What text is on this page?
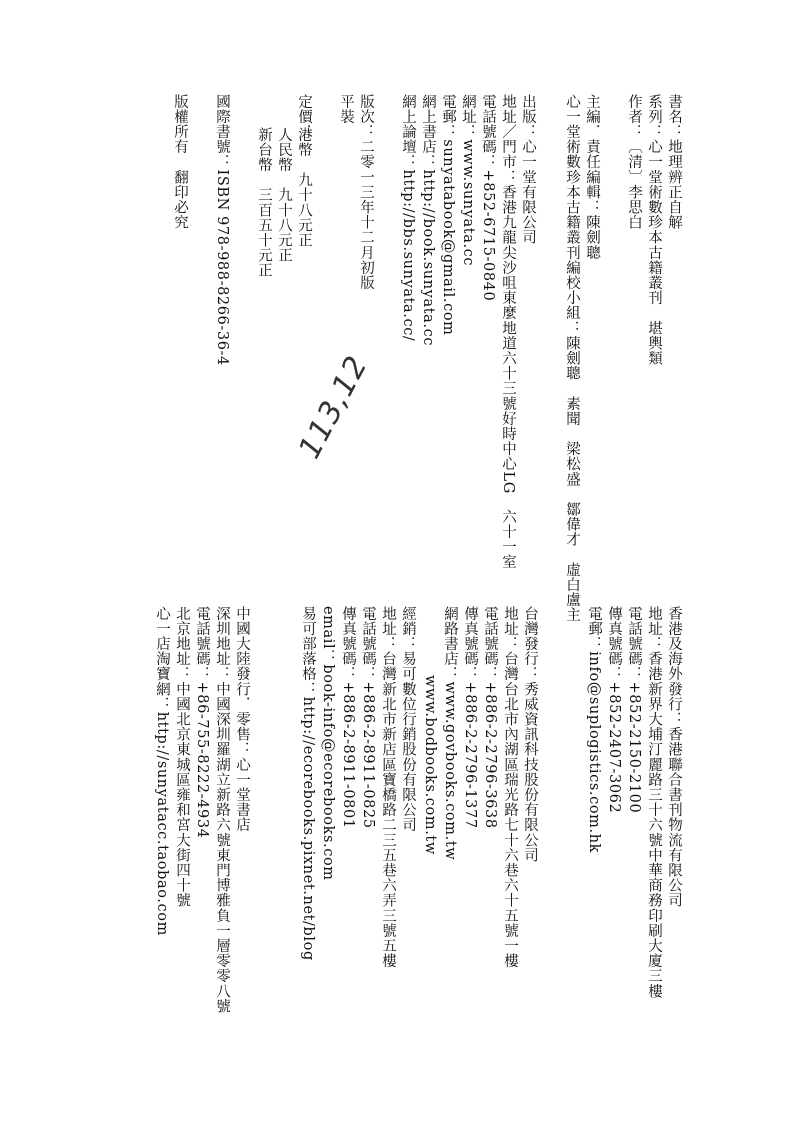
書名：地理辨正自解
系列：心一堂術數珍本古籍叢刊　堪輿類
作者：〔清〕李思白
主編．責任編輯：陳劍聰
心一堂術數珍本古籍叢刊編校小組：陳劍聰　素聞　梁松盛　鄒偉才　虛白盧主
出版：心一堂有限公司
地址／門市：香港九龍尖沙咀東麼地道六十三號好時中心LG　六十一室
電話號碼：+852-6715-0840
網址：www.sunyata.cc
電郵：sunyatabook@gmail.com
網上書店：http://book.sunyata.cc
網上論壇：http://bbs.sunyata.cc/
版次：二零一三年十二月初版
平裝
定價：
港幣　九十八元正
人民幣　九十八元正
新台幣　三百五十元正
國際書號：ISBN 978-988-8266-36-4
版權所有　翻印必究
113,12
香港及海外發行：香港聯合書刊物流有限公司
地址：香港新界大埔汀麗路三十六號中華商務印刷大廈三樓
電話號碼：+852-2150-2100
傳真號碼：+852-2407-3062
電郵：info@suplogistics.com.hk
台灣發行：秀威資訊科技股份有限公司
地址：台灣台北市內湖區瑞光路七十六巷六十五號一樓
電話號碼：+886-2-2796-3638
傳真號碼：+886-2-2796-1377
網路書店：www.govbooks.com.tw
www.bodbooks.com.tw
經銷：易可數位行銷股份有限公司
地址：台灣新北市新店區寶橋路二三五巷六弄三號五樓
電話號碼：+886-2-8911-0825
傳真號碼：+886-2-8911-0801
email：book-info@ecorebooks.com
易可部落格：http://ecorebooks.pixnet.net/blog
中國大陸發行．零售：心一堂書店
深圳地址：中國深圳羅湖立新路六號東門博雅負一層零零八號
電話號碼：+86-755-8222-4934
北京地址：中國北京東城區雍和宮大街四十號
心一店淘寶網：http://sunyatacc.taobao.com
